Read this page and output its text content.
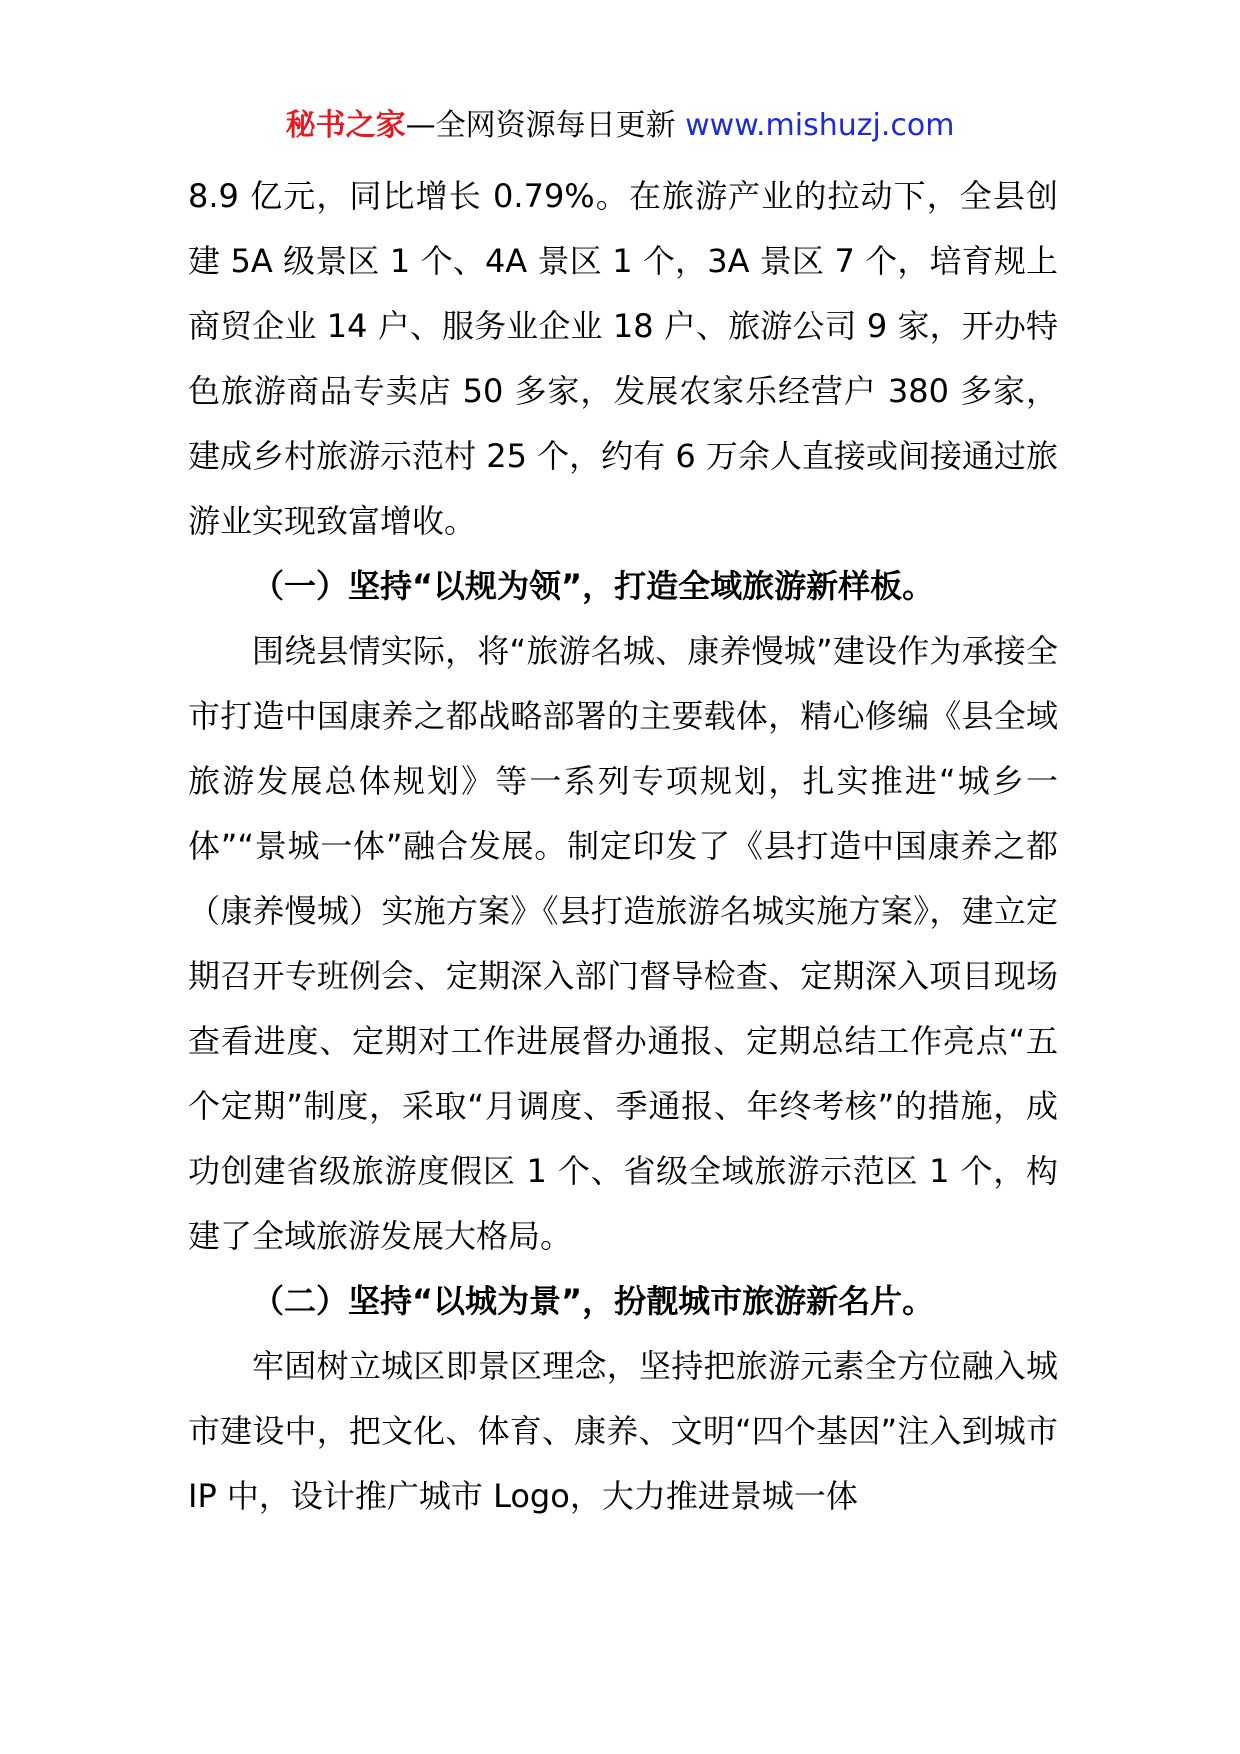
秘书之家—全网资源每日更新 www.mishuzj.com

8.9 亿元，同比增长 0.79%。在旅游产业的拉动下，全县创建 5A 级景区 1 个、4A 景区 1 个，3A 景区 7 个，培育规上商贸企业 14 户、服务业企业 18 户、旅游公司 9 家，开办特色旅游商品专卖店 50 多家，发展农家乐经营户 380 多家，建成乡村旅游示范村 25 个，约有 6 万余人直接或间接通过旅游业实现致富增收。

（一）坚持“以规为领”，打造全域旅游新样板。

围绕县情实际，将“旅游名城、康养慢城”建设作为承接全市打造中国康养之都战略部署的主要载体，精心修编《县全域旅游发展总体规划》等一系列专项规划，扎实推进“城乡一体”“景城一体”融合发展。制定印发了《县打造中国康养之都（康养慢城）实施方案》《县打造旅游名城实施方案》，建立定期召开专班例会、定期深入部门督导检查、定期深入项目现场查看进度、定期对工作进展督办通报、定期总结工作亮点“五个定期”制度，采取“月调度、季通报、年终考核”的措施，成功创建省级旅游度假区 1 个、省级全域旅游示范区 1 个，构建了全域旅游发展大格局。

（二）坚持“以城为景”，扮靓城市旅游新名片。

牢固树立城区即景区理念，坚持把旅游元素全方位融入城市建设中，把文化、体育、康养、文明“四个基因”注入到城市 IP 中，设计推广城市 Logo，大力推进景城一体
